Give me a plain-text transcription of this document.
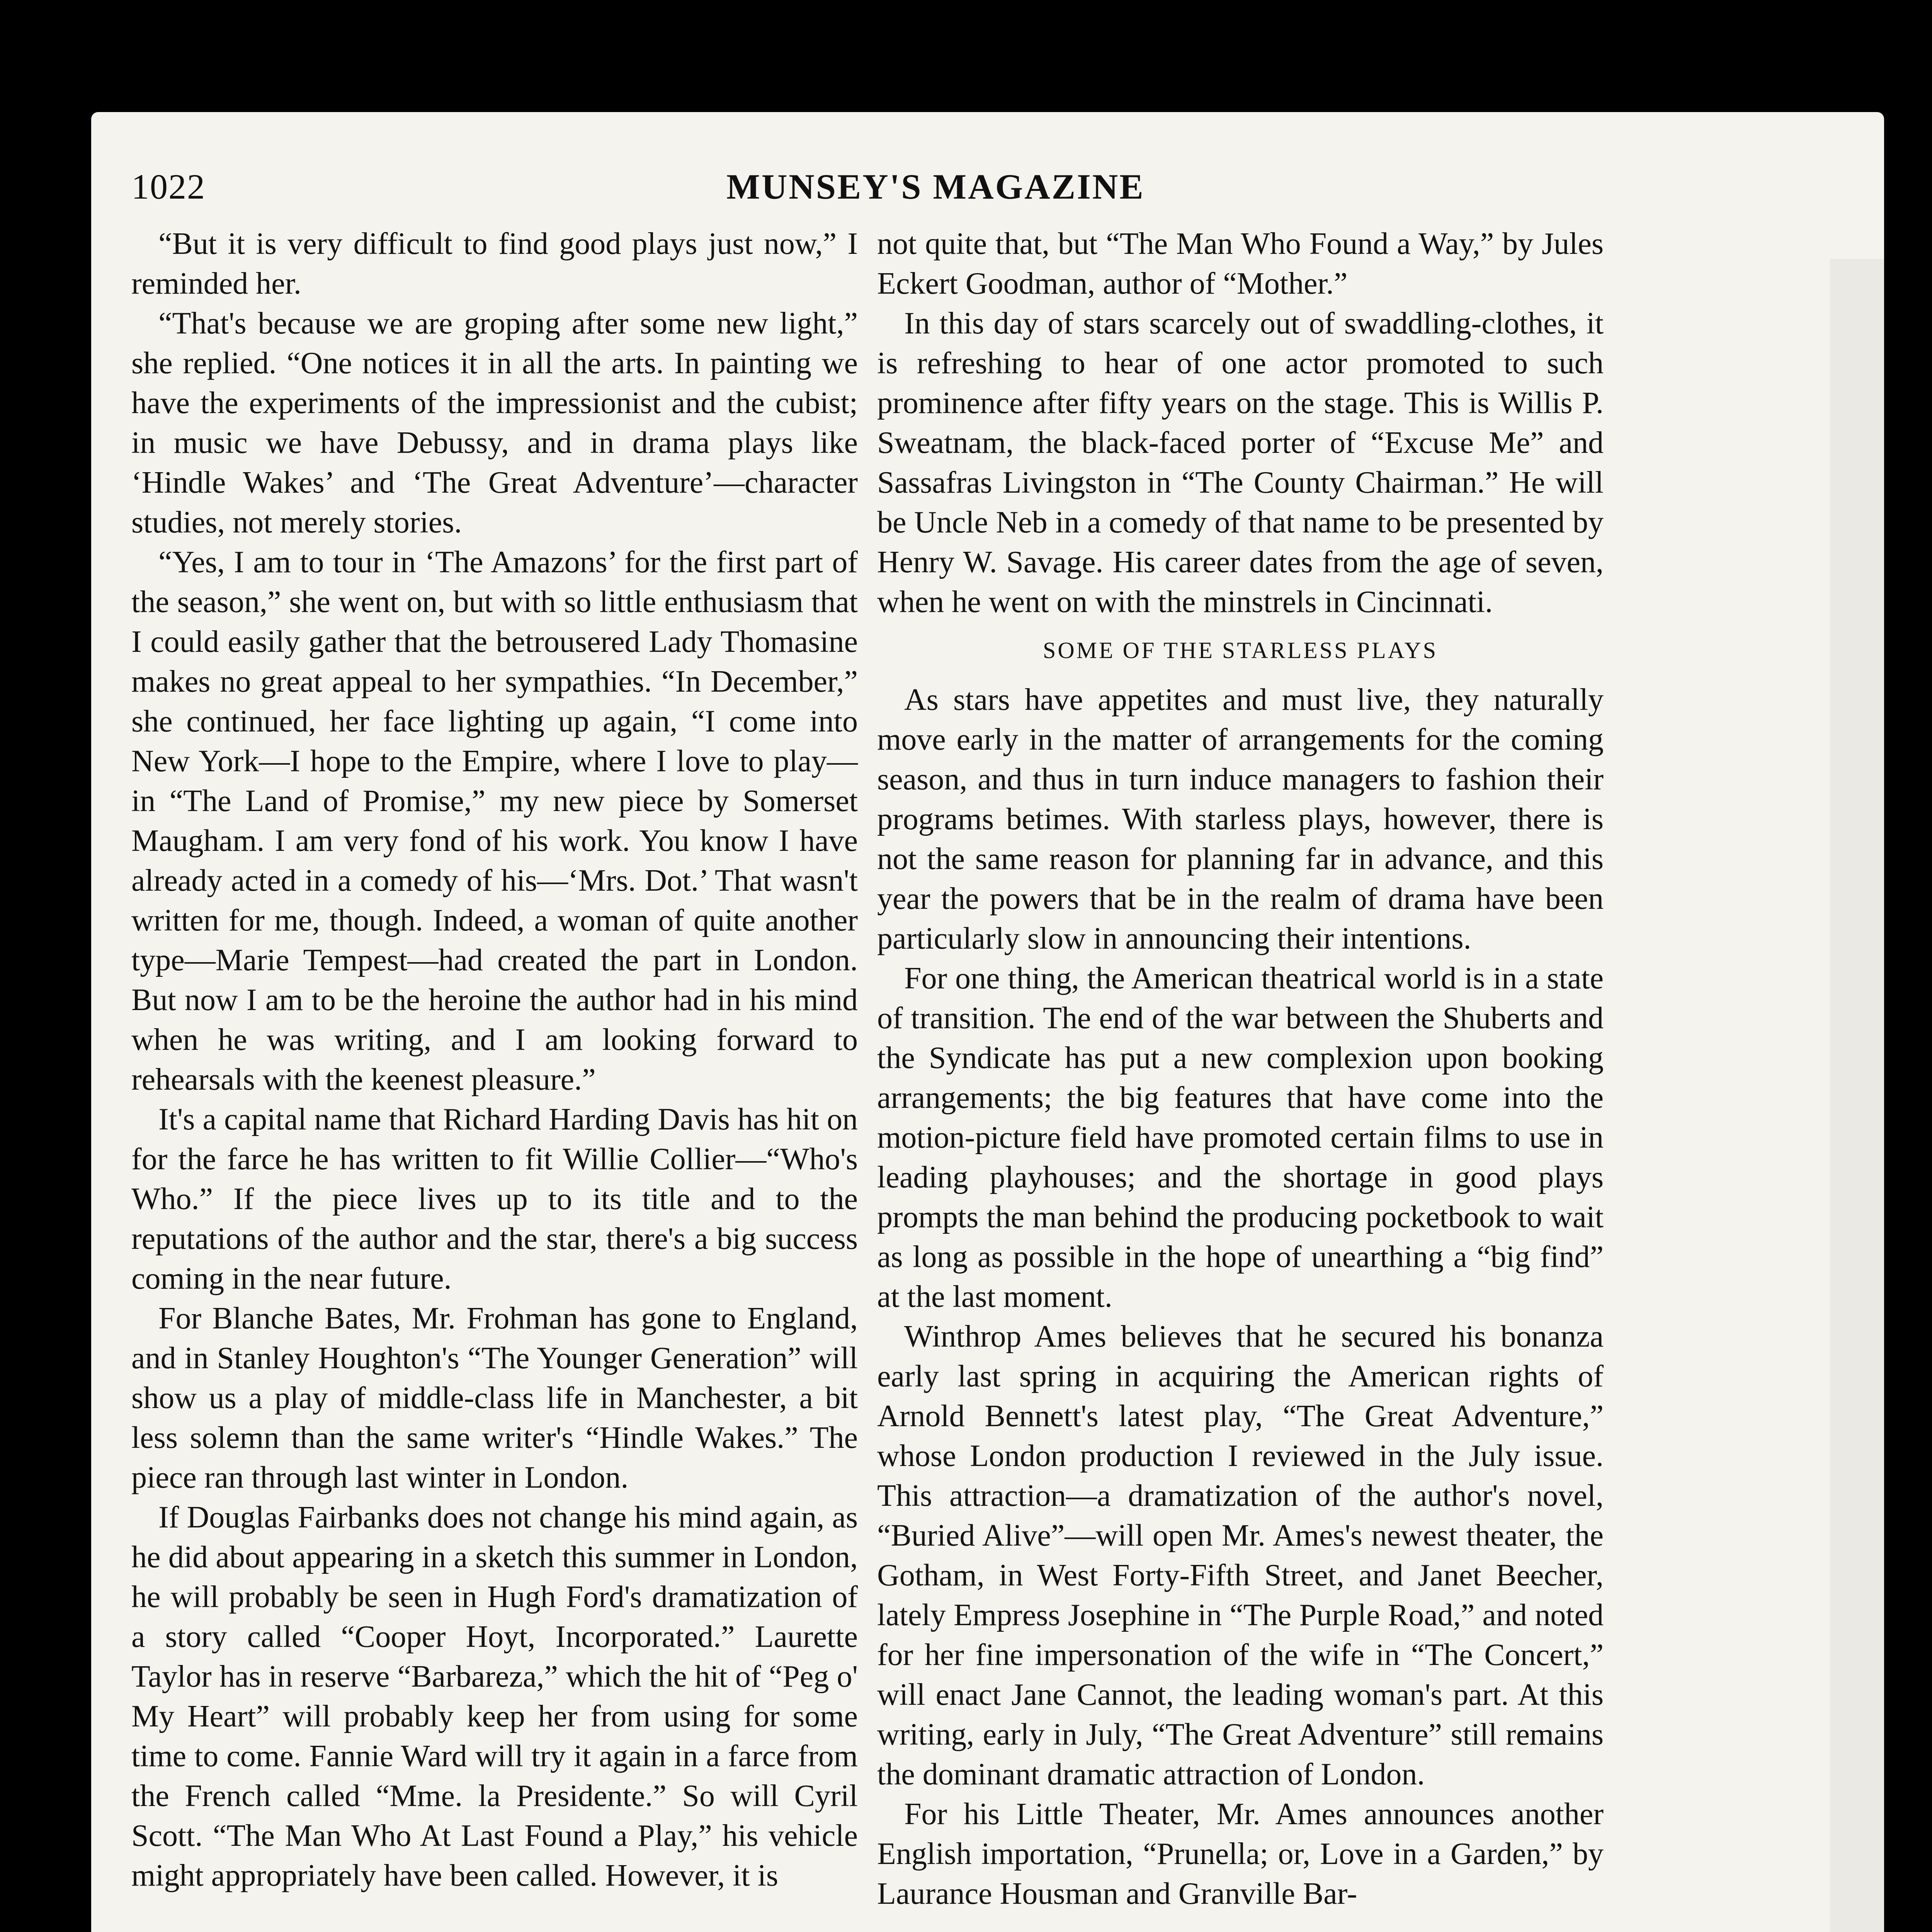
1022	MUNSEY'S MAGAZINE

“But it is very difficult to find good plays just now,” I reminded her.

“That's because we are groping after some new light,” she replied. “One notices it in all the arts. In painting we have the experiments of the impressionist and the cubist; in music we have Debussy, and in drama plays like ‘Hindle Wakes’ and ‘The Great Adventure’—character studies, not merely stories.

“Yes, I am to tour in ‘The Amazons’ for the first part of the season,” she went on, but with so little enthusiasm that I could easily gather that the betrousered Lady Thomasine makes no great appeal to her sympathies. “In December,” she continued, her face lighting up again, “I come into New York—I hope to the Empire, where I love to play—in “The Land of Promise,” my new piece by Somerset Maugham. I am very fond of his work. You know I have already acted in a comedy of his—‘Mrs. Dot.’ That wasn't written for me, though. Indeed, a woman of quite another type—Marie Tempest—had created the part in London. But now I am to be the heroine the author had in his mind when he was writing, and I am looking forward to rehearsals with the keenest pleasure.”

It's a capital name that Richard Harding Davis has hit on for the farce he has written to fit Willie Collier—“Who's Who.” If the piece lives up to its title and to the reputations of the author and the star, there's a big success coming in the near future.

For Blanche Bates, Mr. Frohman has gone to England, and in Stanley Houghton's “The Younger Generation” will show us a play of middle-class life in Manchester, a bit less solemn than the same writer's “Hindle Wakes.” The piece ran through last winter in London.

If Douglas Fairbanks does not change his mind again, as he did about appearing in a sketch this summer in London, he will probably be seen in Hugh Ford's dramatization of a story called “Cooper Hoyt, Incorporated.” Laurette Taylor has in reserve “Barbareza,” which the hit of “Peg o' My Heart” will probably keep her from using for some time to come. Fannie Ward will try it again in a farce from the French called “Mme. la Presidente.” So will Cyril Scott. “The Man Who At Last Found a Play,” his vehicle might appropriately have been called. However, it is

not quite that, but “The Man Who Found a Way,” by Jules Eckert Goodman, author of “Mother.”

In this day of stars scarcely out of swaddling-clothes, it is refreshing to hear of one actor promoted to such prominence after fifty years on the stage. This is Willis P. Sweatnam, the black-faced porter of “Excuse Me” and Sassafras Livingston in “The County Chairman.” He will be Uncle Neb in a comedy of that name to be presented by Henry W. Savage. His career dates from the age of seven, when he went on with the minstrels in Cincinnati.

SOME OF THE STARLESS PLAYS

As stars have appetites and must live, they naturally move early in the matter of arrangements for the coming season, and thus in turn induce managers to fashion their programs betimes. With starless plays, however, there is not the same reason for planning far in advance, and this year the powers that be in the realm of drama have been particularly slow in announcing their intentions.

For one thing, the American theatrical world is in a state of transition. The end of the war between the Shuberts and the Syndicate has put a new complexion upon booking arrangements; the big features that have come into the motion-picture field have promoted certain films to use in leading playhouses; and the shortage in good plays prompts the man behind the producing pocketbook to wait as long as possible in the hope of unearthing a “big find” at the last moment.

Winthrop Ames believes that he secured his bonanza early last spring in acquiring the American rights of Arnold Bennett's latest play, “The Great Adventure,” whose London production I reviewed in the July issue. This attraction—a dramatization of the author's novel, “Buried Alive”—will open Mr. Ames's newest theater, the Gotham, in West Forty-Fifth Street, and Janet Beecher, lately Empress Josephine in “The Purple Road,” and noted for her fine impersonation of the wife in “The Concert,” will enact Jane Cannot, the leading woman's part. At this writing, early in July, “The Great Adventure” still remains the dominant dramatic attraction of London.

For his Little Theater, Mr. Ames announces another English importation, “Prunella; or, Love in a Garden,” by Laurance Housman and Granville Bar-
